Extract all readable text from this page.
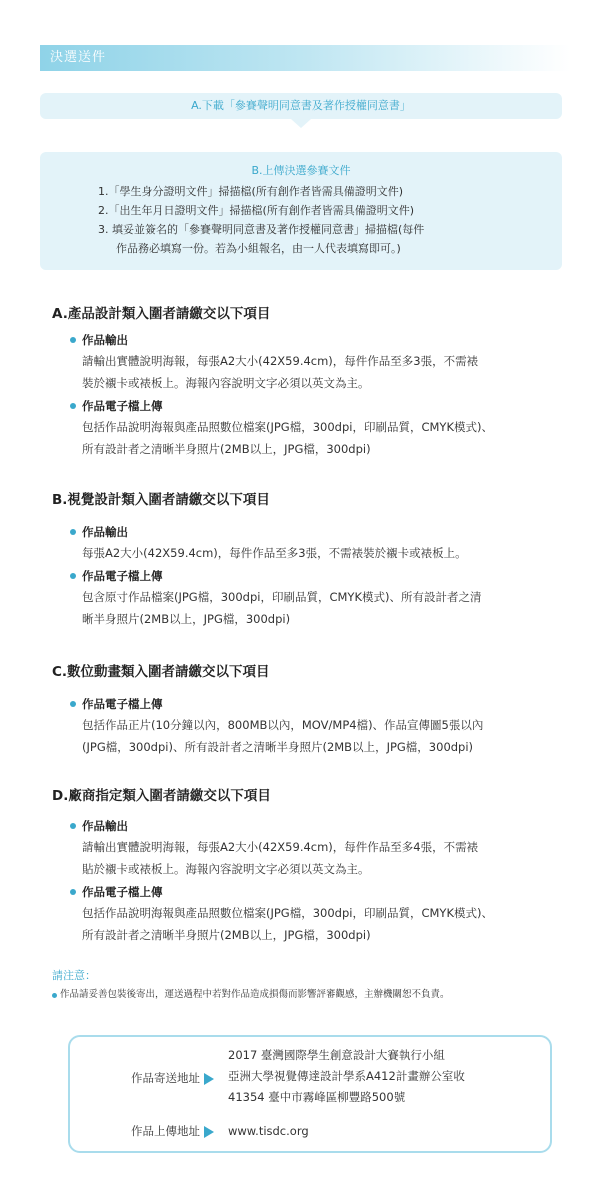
決選送件
A.下載「參賽聲明同意書及著作授權同意書」
B.上傳決選參賽文件
1.「學生身分證明文件」掃描檔(所有創作者皆需具備證明文件)
2.「出生年月日證明文件」掃描檔(所有創作者皆需具備證明文件)
3. 填妥並簽名的「參賽聲明同意書及著作授權同意書」掃描檔(每件
作品務必填寫一份。若為小組報名，由一人代表填寫即可。)
A.產品設計類入圍者請繳交以下項目
作品輸出
請輸出實體說明海報，每張A2大小(42X59.4cm)，每件作品至多3張，不需裱
裝於襯卡或裱板上。海報內容說明文字必須以英文為主。
作品電子檔上傳
包括作品說明海報與產品照數位檔案(JPG檔，300dpi，印刷品質，CMYK模式)、
所有設計者之清晰半身照片(2MB以上，JPG檔，300dpi)
B.視覺設計類入圍者請繳交以下項目
作品輸出
每張A2大小(42X59.4cm)，每件作品至多3張，不需裱裝於襯卡或裱板上。
作品電子檔上傳
包含原寸作品檔案(JPG檔，300dpi，印刷品質，CMYK模式)、所有設計者之清
晰半身照片(2MB以上，JPG檔，300dpi)
C.數位動畫類入圍者請繳交以下項目
作品電子檔上傳
包括作品正片(10分鐘以內，800MB以內，MOV/MP4檔)、作品宣傳圖5張以內
(JPG檔，300dpi)、所有設計者之清晰半身照片(2MB以上，JPG檔，300dpi)
D.廠商指定類入圍者請繳交以下項目
作品輸出
請輸出實體說明海報，每張A2大小(42X59.4cm)，每件作品至多4張，不需裱
貼於襯卡或裱板上。海報內容說明文字必須以英文為主。
作品電子檔上傳
包括作品說明海報與產品照數位檔案(JPG檔，300dpi，印刷品質，CMYK模式)、
所有設計者之清晰半身照片(2MB以上，JPG檔，300dpi)
請注意：
作品請妥善包裝後寄出，運送過程中若對作品造成損傷而影響評審觀感，主辦機關恕不負責。
作品寄送地址
2017 臺灣國際學生創意設計大賽執行小組
亞洲大學視覺傳達設計學系A412計畫辦公室收
41354 臺中市霧峰區柳豐路500號
作品上傳地址 www.tisdc.org
